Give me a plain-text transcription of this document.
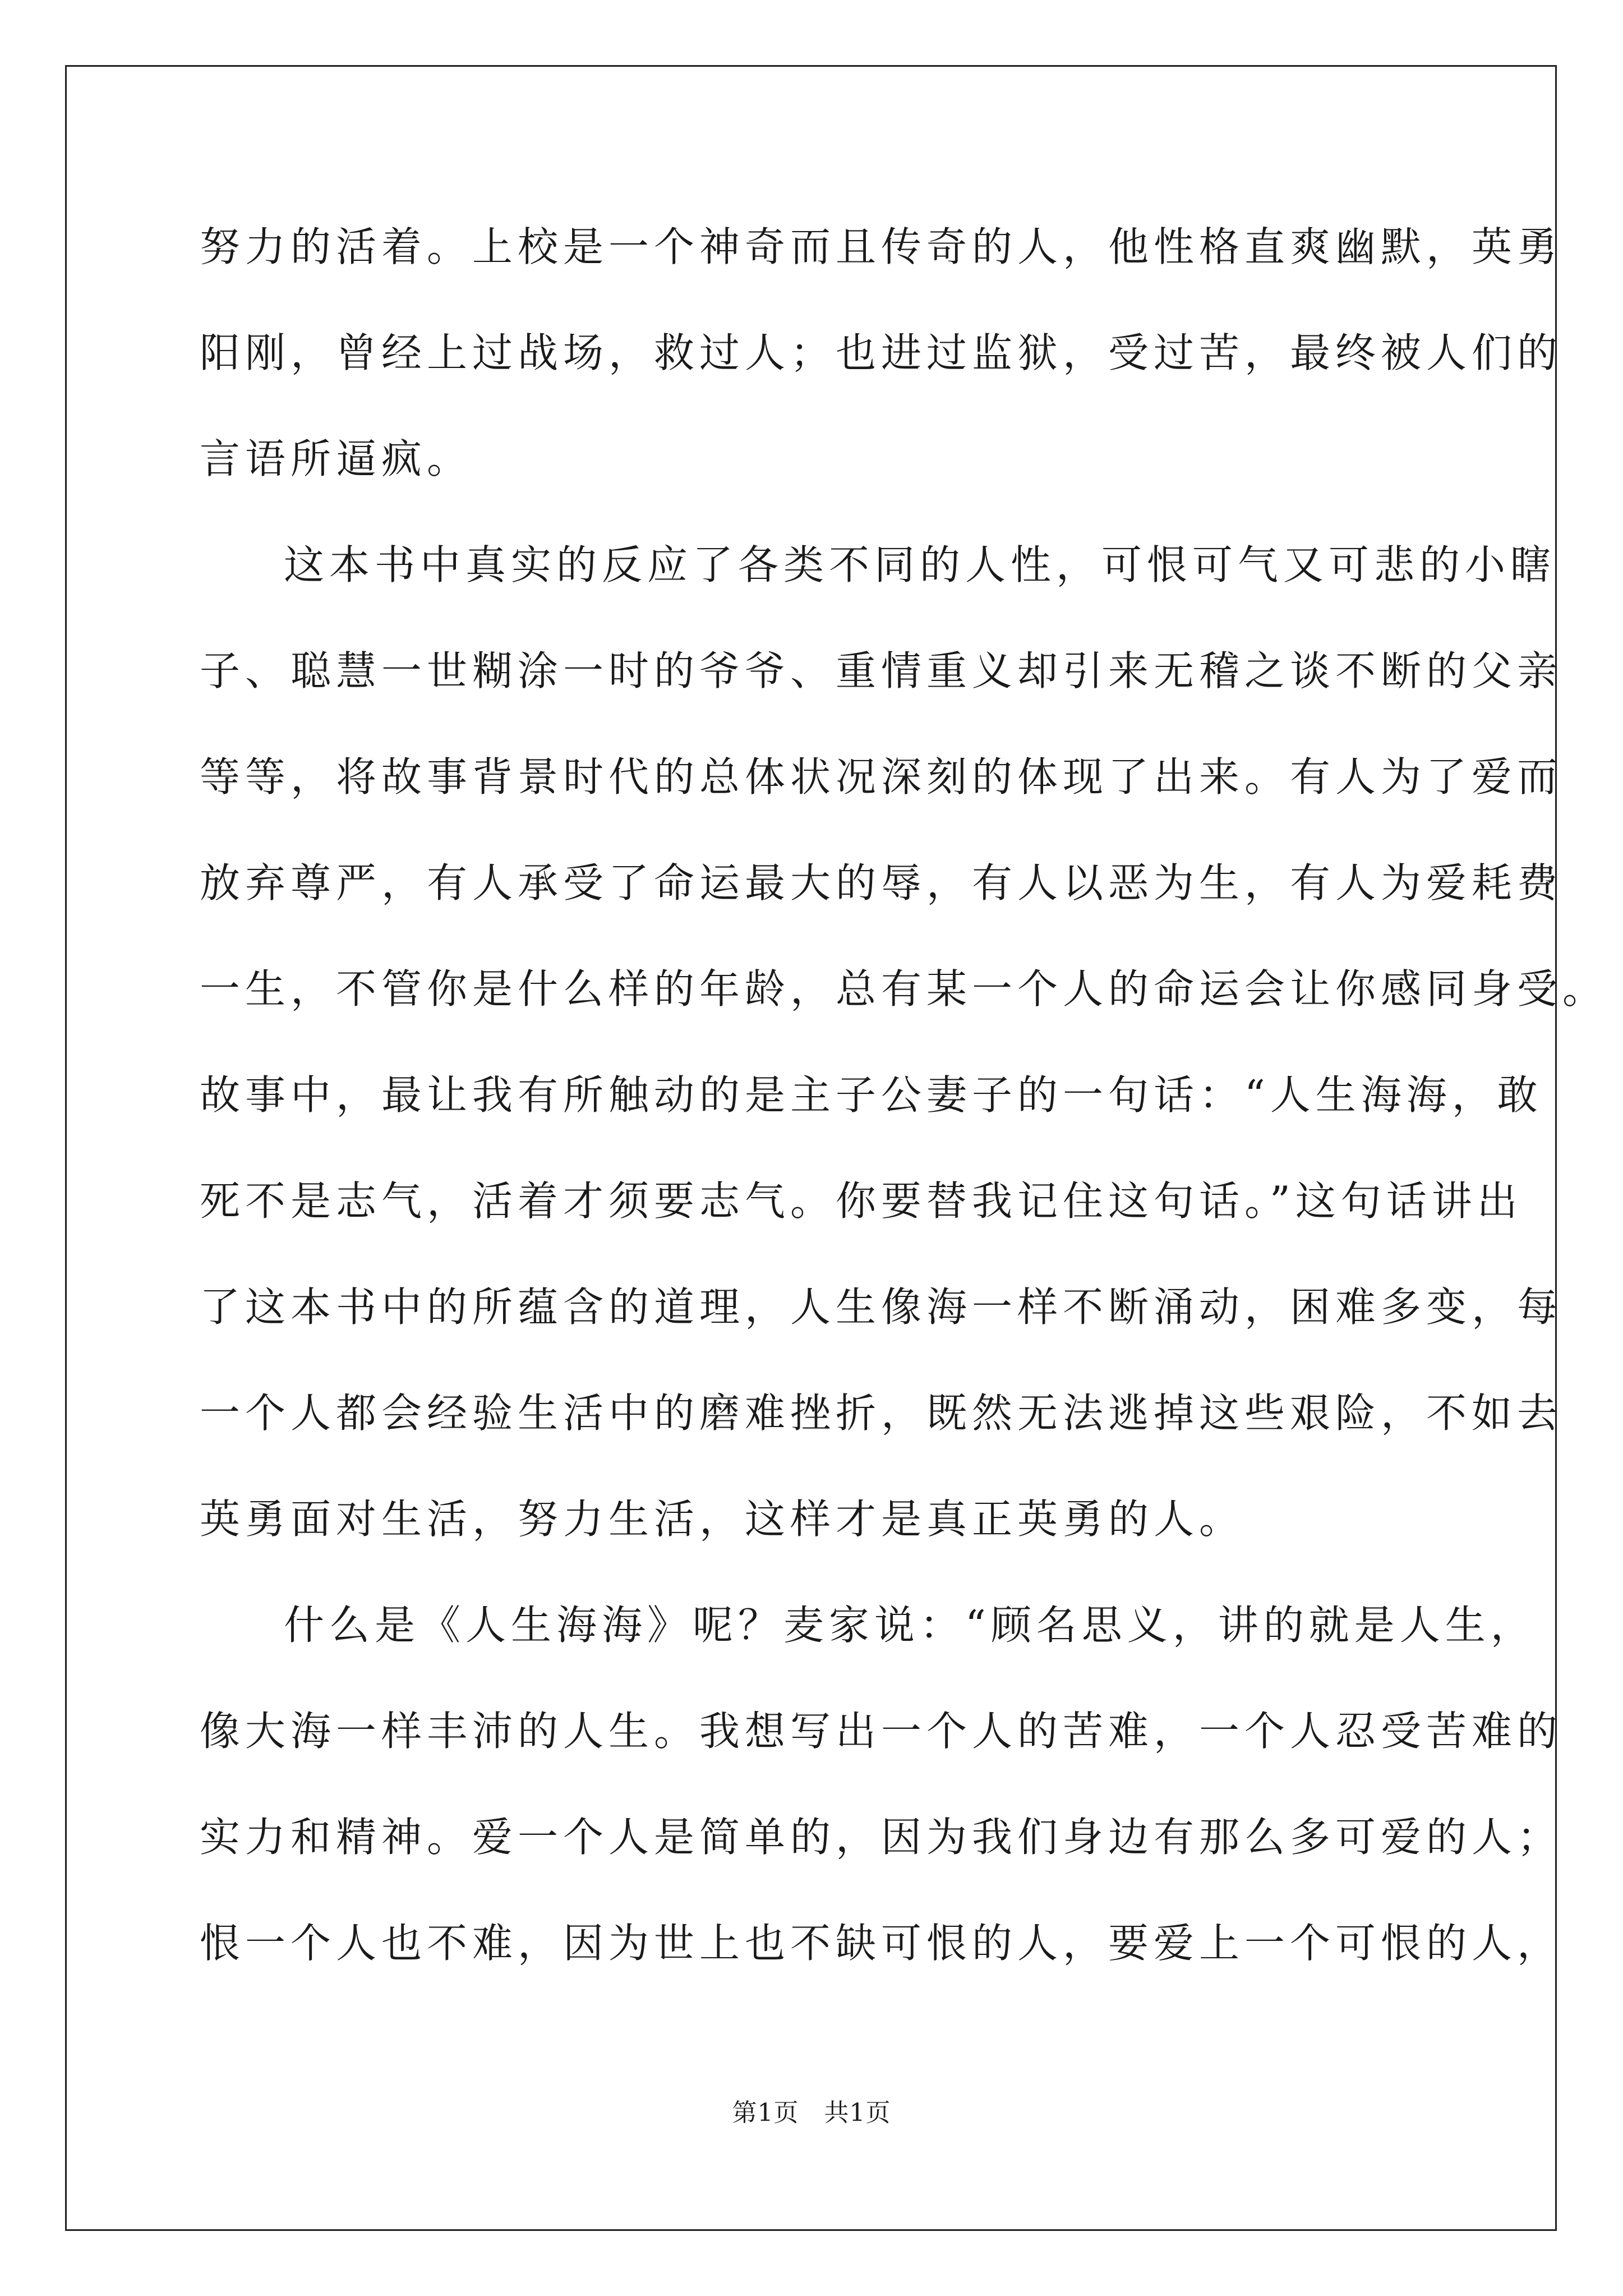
努力的活着。上校是一个神奇而且传奇的人，他性格直爽幽默，英勇
阳刚，曾经上过战场，救过人；也进过监狱，受过苦，最终被人们的
言语所逼疯。
这本书中真实的反应了各类不同的人性，可恨可气又可悲的小瞎
子、聪慧一世糊涂一时的爷爷、重情重义却引来无稽之谈不断的父亲
等等，将故事背景时代的总体状况深刻的体现了出来。有人为了爱而
放弃尊严，有人承受了命运最大的辱，有人以恶为生，有人为爱耗费
一生，不管你是什么样的年龄，总有某一个人的命运会让你感同身受。
故事中，最让我有所触动的是主子公妻子的一句话：“人生海海，敢
死不是志气，活着才须要志气。你要替我记住这句话。”这句话讲出
了这本书中的所蕴含的道理，人生像海一样不断涌动，困难多变，每
一个人都会经验生活中的磨难挫折，既然无法逃掉这些艰险，不如去
英勇面对生活，努力生活，这样才是真正英勇的人。
什么是《人生海海》呢？麦家说：“顾名思义，讲的就是人生，
像大海一样丰沛的人生。我想写出一个人的苦难，一个人忍受苦难的
实力和精神。爱一个人是简单的，因为我们身边有那么多可爱的人；
恨一个人也不难，因为世上也不缺可恨的人，要爱上一个可恨的人，
第1页　共1页
